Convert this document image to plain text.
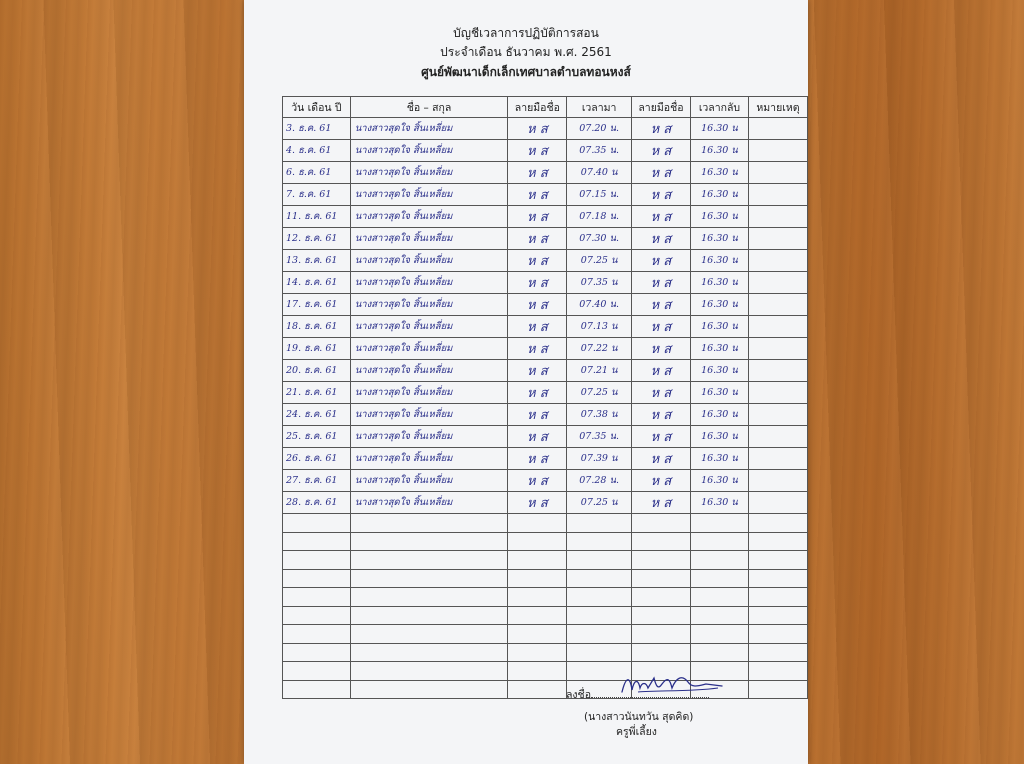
บัญชีเวลาการปฏิบัติการสอน
ประจำเดือน ธันวาคม พ.ศ. 2561
ศูนย์พัฒนาเด็กเล็กเทศบาลตำบลทอนหงส์
วัน เดือน ปี	ชื่อ – สกุล	ลายมือชื่อ	เวลามา	ลายมือชื่อ	เวลากลับ	หมายเหตุ
3. ธ.ค. 61	นางสาวสุดใจ สิ้นเหลี่ยม	ห ส	07.20 น.	ห ส	16.30 น	
4. ธ.ค. 61	นางสาวสุดใจ สิ้นเหลี่ยม	ห ส	07.35 น.	ห ส	16.30 น	
6. ธ.ค. 61	นางสาวสุดใจ สิ้นเหลี่ยม	ห ส	07.40 น	ห ส	16.30 น	
7. ธ.ค. 61	นางสาวสุดใจ สิ้นเหลี่ยม	ห ส	07.15 น.	ห ส	16.30 น	
11. ธ.ค. 61	นางสาวสุดใจ สิ้นเหลี่ยม	ห ส	07.18 น.	ห ส	16.30 น	
12. ธ.ค. 61	นางสาวสุดใจ สิ้นเหลี่ยม	ห ส	07.30 น.	ห ส	16.30 น	
13. ธ.ค. 61	นางสาวสุดใจ สิ้นเหลี่ยม	ห ส	07.25 น	ห ส	16.30 น	
14. ธ.ค. 61	นางสาวสุดใจ สิ้นเหลี่ยม	ห ส	07.35 น	ห ส	16.30 น	
17. ธ.ค. 61	นางสาวสุดใจ สิ้นเหลี่ยม	ห ส	07.40 น.	ห ส	16.30 น	
18. ธ.ค. 61	นางสาวสุดใจ สิ้นเหลี่ยม	ห ส	07.13 น	ห ส	16.30 น	
19. ธ.ค. 61	นางสาวสุดใจ สิ้นเหลี่ยม	ห ส	07.22 น	ห ส	16.30 น	
20. ธ.ค. 61	นางสาวสุดใจ สิ้นเหลี่ยม	ห ส	07.21 น	ห ส	16.30 น	
21. ธ.ค. 61	นางสาวสุดใจ สิ้นเหลี่ยม	ห ส	07.25 น	ห ส	16.30 น	
24. ธ.ค. 61	นางสาวสุดใจ สิ้นเหลี่ยม	ห ส	07.38 น	ห ส	16.30 น	
25. ธ.ค. 61	นางสาวสุดใจ สิ้นเหลี่ยม	ห ส	07.35 น.	ห ส	16.30 น	
26. ธ.ค. 61	นางสาวสุดใจ สิ้นเหลี่ยม	ห ส	07.39 น	ห ส	16.30 น	
27. ธ.ค. 61	นางสาวสุดใจ สิ้นเหลี่ยม	ห ส	07.28 น.	ห ส	16.30 น	
28. ธ.ค. 61	นางสาวสุดใจ สิ้นเหลี่ยม	ห ส	07.25 น	ห ส	16.30 น	

ลงชื่อ
(นางสาวนันทวัน สุดคิด)
ครูพี่เลี้ยง
